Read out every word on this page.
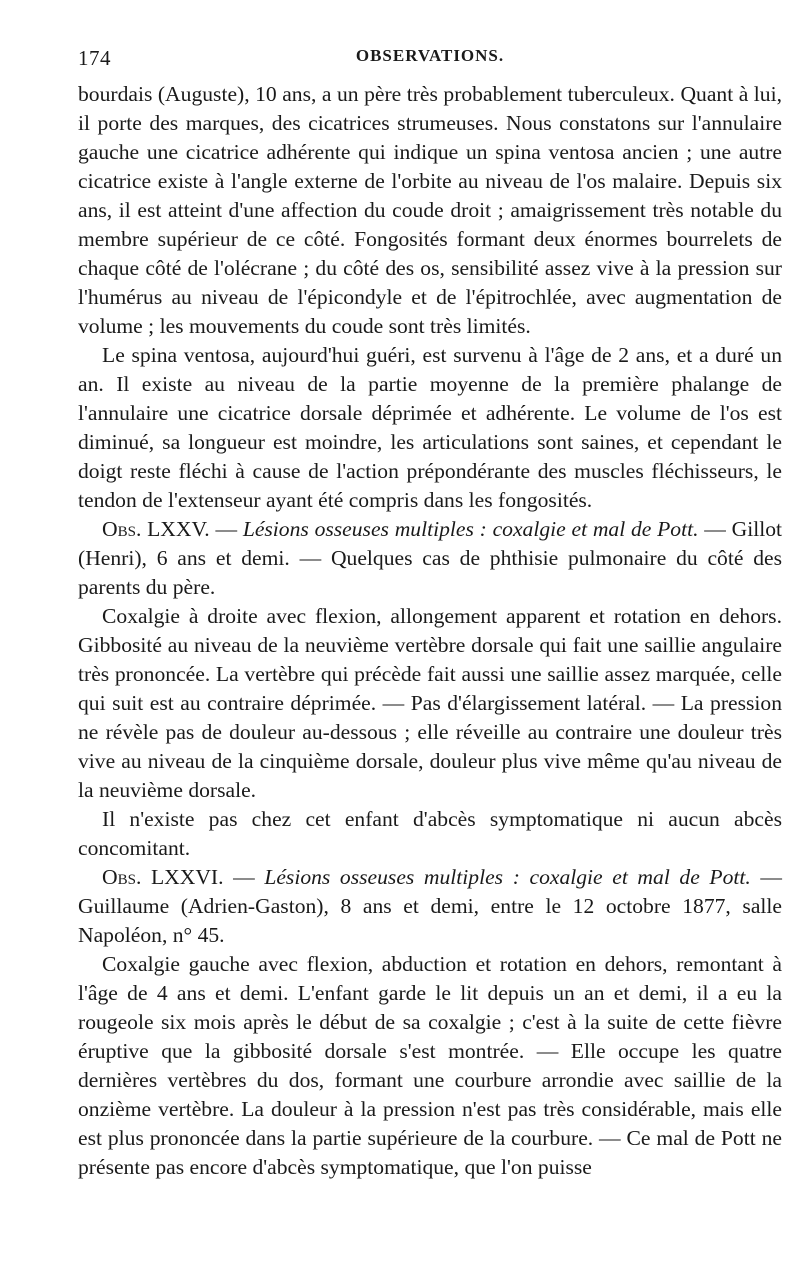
174	OBSERVATIONS.

bourdais (Auguste), 10 ans, a un père très probablement tuberculeux. Quant à lui, il porte des marques, des cicatrices strumeuses. Nous constatons sur l'annulaire gauche une cicatrice adhérente qui indique un spina ventosa ancien ; une autre cicatrice existe à l'angle externe de l'orbite au niveau de l'os malaire. Depuis six ans, il est atteint d'une affection du coude droit ; amaigrissement très notable du membre supérieur de ce côté. Fongosités formant deux énormes bourrelets de chaque côté de l'olécrane ; du côté des os, sensibilité assez vive à la pression sur l'humérus au niveau de l'épicondyle et de l'épitrochlée, avec augmentation de volume ; les mouvements du coude sont très limités.

Le spina ventosa, aujourd'hui guéri, est survenu à l'âge de 2 ans, et a duré un an. Il existe au niveau de la partie moyenne de la première phalange de l'annulaire une cicatrice dorsale déprimée et adhérente. Le volume de l'os est diminué, sa longueur est moindre, les articulations sont saines, et cependant le doigt reste fléchi à cause de l'action prépondérante des muscles fléchisseurs, le tendon de l'extenseur ayant été compris dans les fongosités.

Obs. LXXV. — Lésions osseuses multiples : coxalgie et mal de Pott. — Gillot (Henri), 6 ans et demi. — Quelques cas de phthisie pulmonaire du côté des parents du père.

Coxalgie à droite avec flexion, allongement apparent et rotation en dehors. Gibbosité au niveau de la neuvième vertèbre dorsale qui fait une saillie angulaire très prononcée. La vertèbre qui précède fait aussi une saillie assez marquée, celle qui suit est au contraire déprimée. — Pas d'élargissement latéral. — La pression ne révèle pas de douleur au-dessous ; elle réveille au contraire une douleur très vive au niveau de la cinquième dorsale, douleur plus vive même qu'au niveau de la neuvième dorsale.

Il n'existe pas chez cet enfant d'abcès symptomatique ni aucun abcès concomitant.

Obs. LXXVI. — Lésions osseuses multiples : coxalgie et mal de Pott. — Guillaume (Adrien-Gaston), 8 ans et demi, entre le 12 octobre 1877, salle Napoléon, n° 45.

Coxalgie gauche avec flexion, abduction et rotation en dehors, remontant à l'âge de 4 ans et demi. L'enfant garde le lit depuis un an et demi, il a eu la rougeole six mois après le début de sa coxalgie ; c'est à la suite de cette fièvre éruptive que la gibbosité dorsale s'est montrée. — Elle occupe les quatre dernières vertèbres du dos, formant une courbure arrondie avec saillie de la onzième vertèbre. La douleur à la pression n'est pas très considérable, mais elle est plus prononcée dans la partie supérieure de la courbure. — Ce mal de Pott ne présente pas encore d'abcès symptomatique, que l'on puisse
